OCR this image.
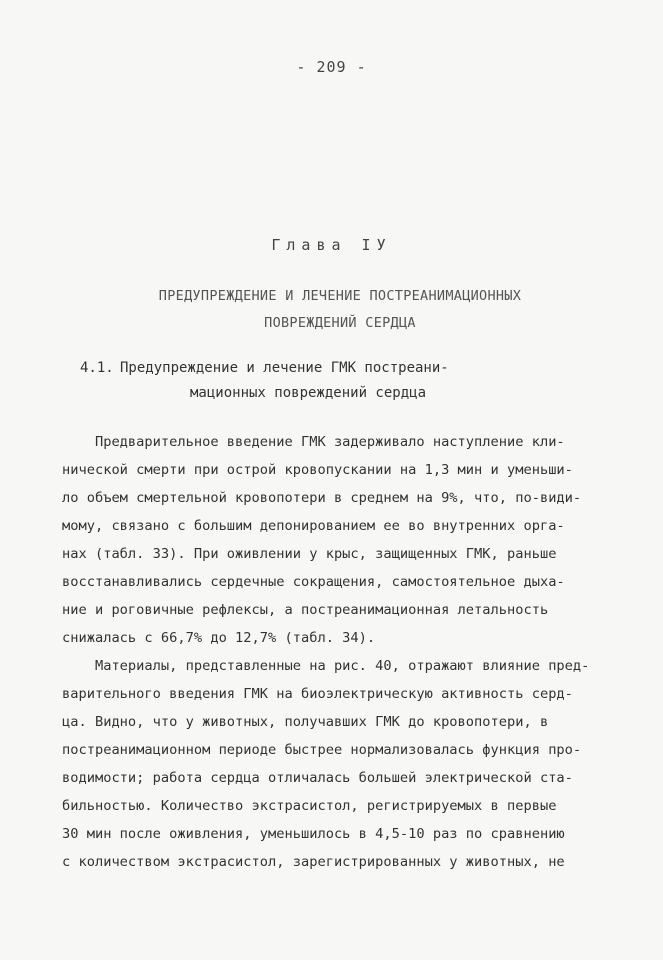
- 209 -
Глава IУ
ПРЕДУПРЕЖДЕНИЕ И ЛЕЧЕНИЕ ПОСТРЕАНИМАЦИОННЫХ
ПОВРЕЖДЕНИЙ СЕРДЦА
4.1. Предупреждение и лечение ГМК постреани-
мационных повреждений сердца
Предварительное введение ГМК задерживало наступление кли-
нической смерти при острой кровопускании на 1,3 мин и уменьши-
ло объем смертельной кровопотери в среднем на 9%, что, по-види-
мому, связано с большим депонированием ее во внутренних орга-
нах (табл. 33). При оживлении у крыс, защищенных ГМК, раньше
восстанавливались сердечные сокращения, самостоятельное дыха-
ние и роговичные рефлексы, а постреанимационная летальность
снижалась с 66,7% до 12,7% (табл. 34).
Материалы, представленные на рис. 40, отражают влияние пред-
варительного введения ГМК на биоэлектрическую активность серд-
ца. Видно, что у животных, получавших ГМК до кровопотери, в
постреанимационном периоде быстрее нормализовалась функция про-
водимости; работа сердца отличалась большей электрической ста-
бильностью. Количество экстрасистол, регистрируемых в первые
30 мин после оживления, уменьшилось в 4,5-10 раз по сравнению
с количеством экстрасистол, зарегистрированных у животных, не
